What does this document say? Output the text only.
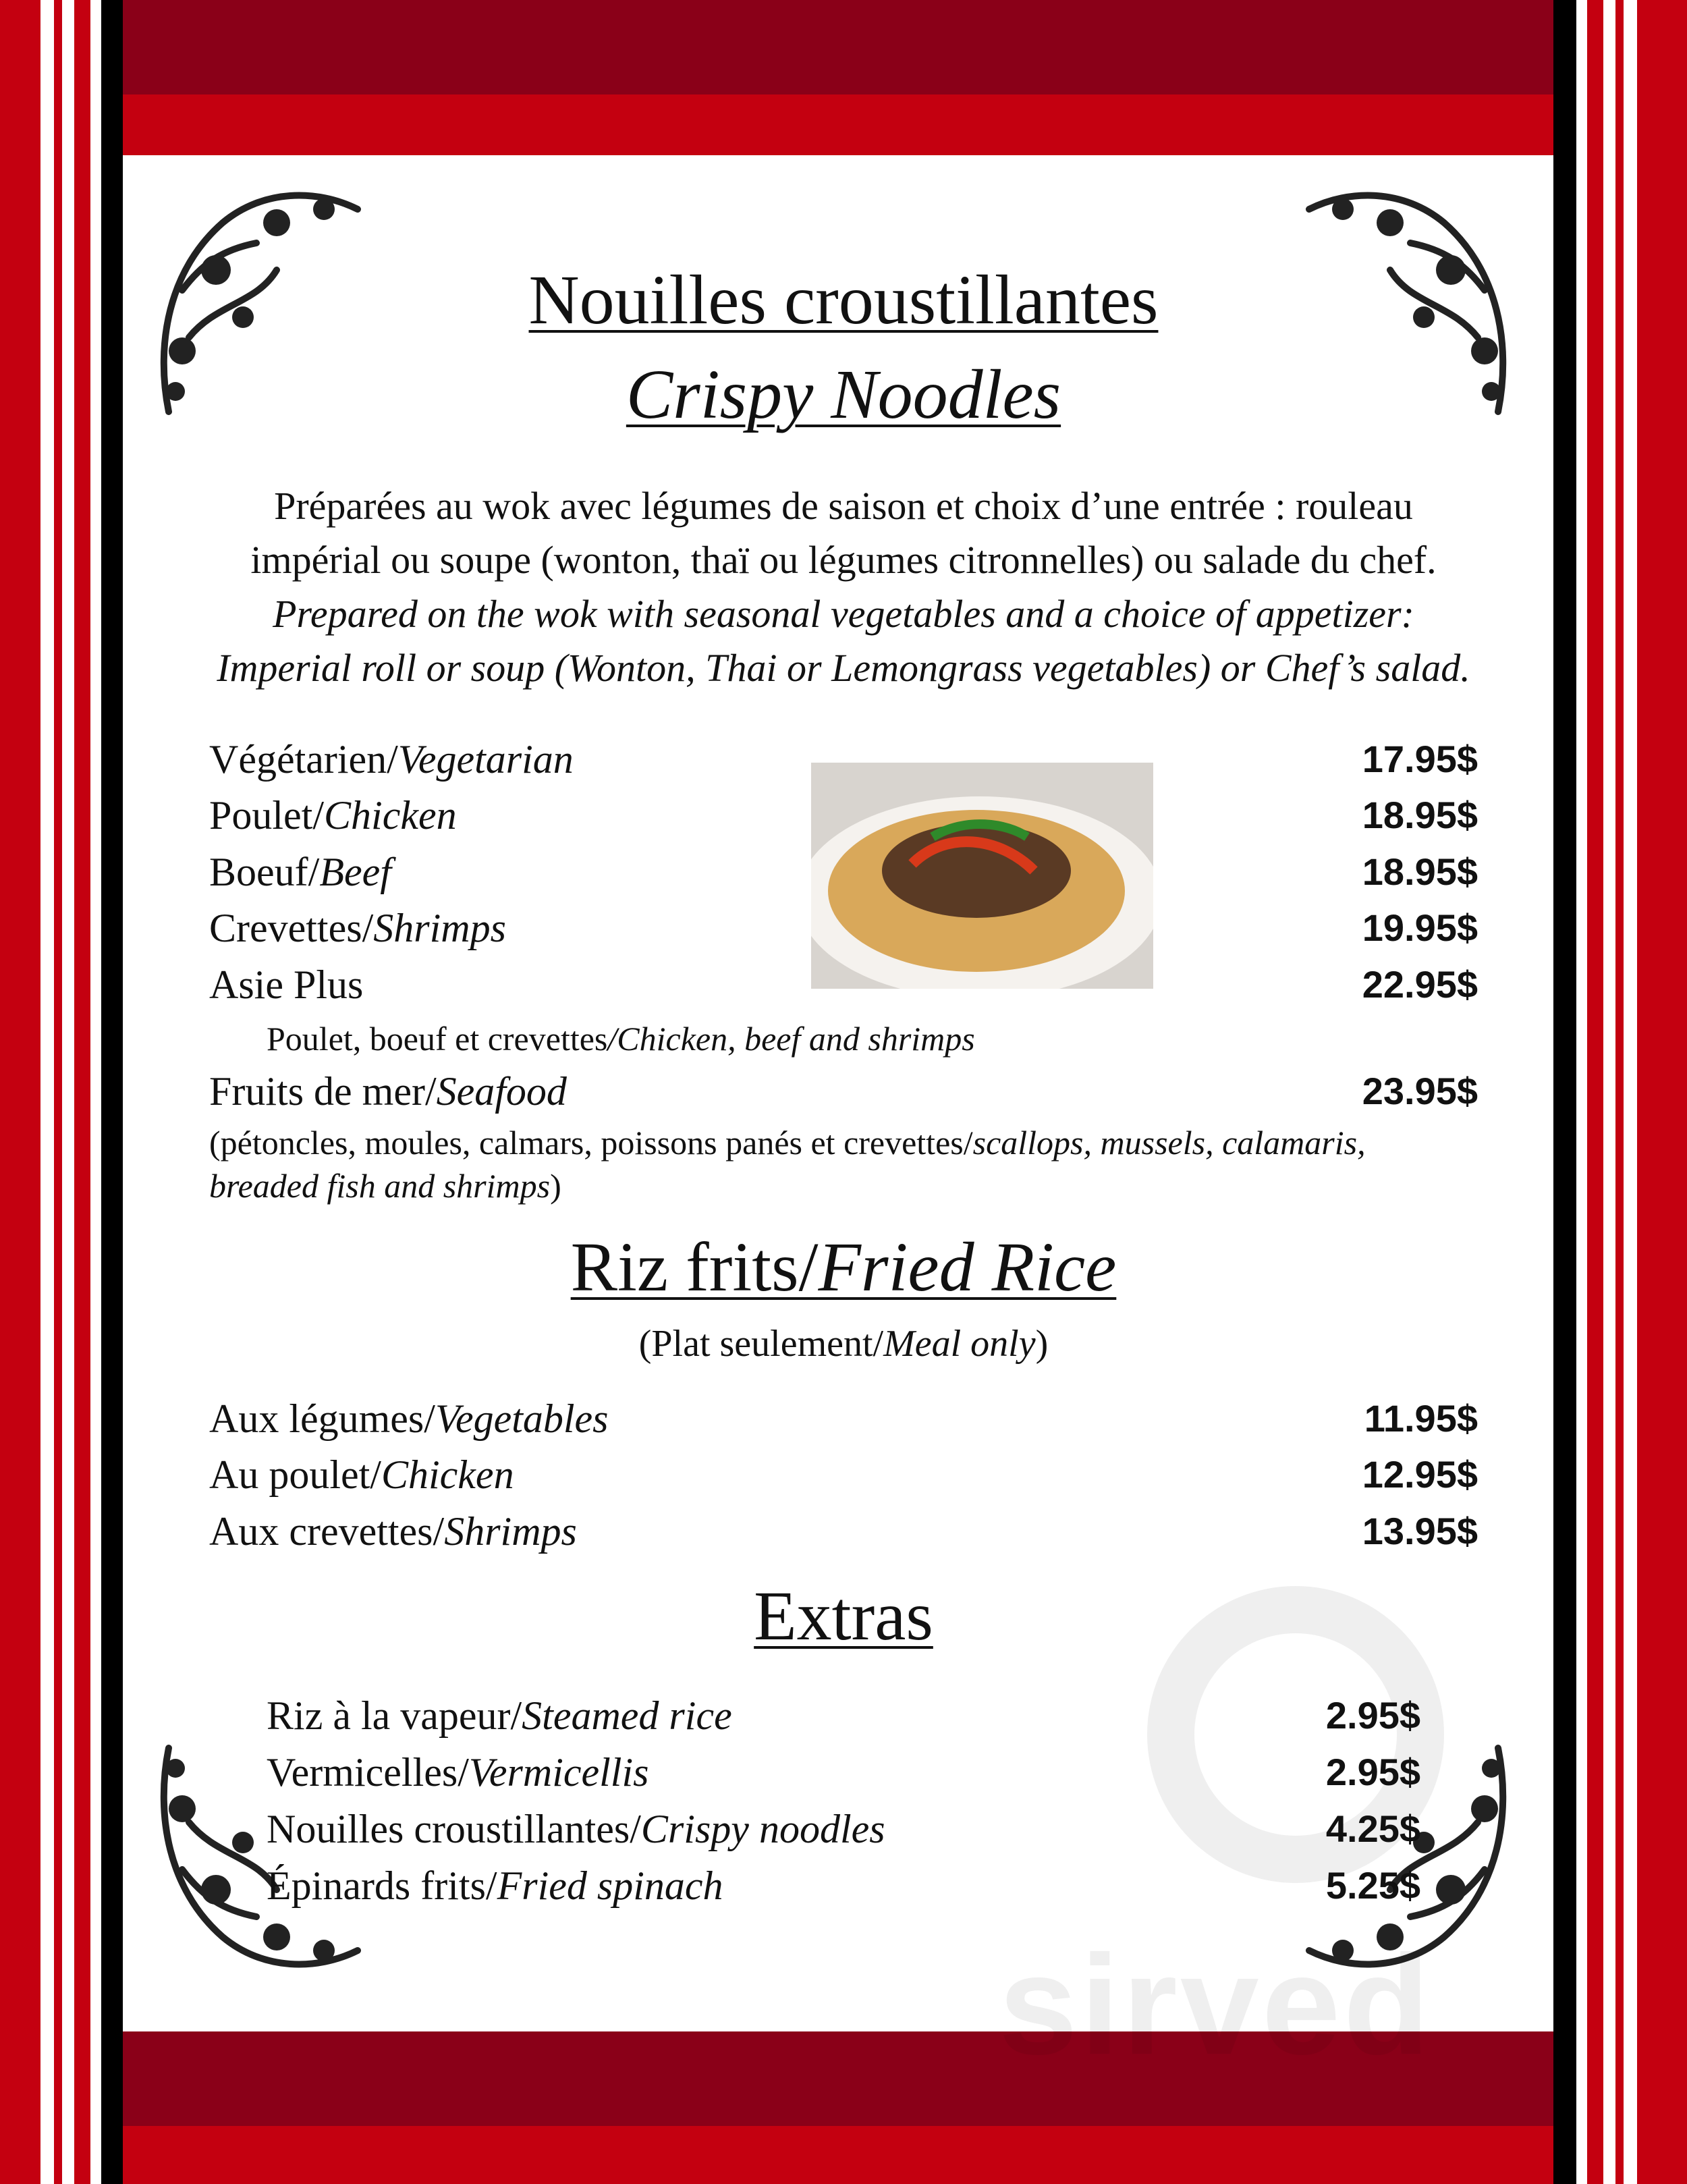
sirved
Nouilles croustillantes
Crispy Noodles
Préparées au wok avec légumes de saison et choix d’une entrée : rouleau
impérial ou soupe (wonton, thaï ou légumes citronnelles) ou salade du chef.
Prepared on the wok with seasonal vegetables and a choice of appetizer:
Imperial roll or soup (Wonton, Thai or Lemongrass vegetables) or Chef’s salad.
Végétarien/Vegetarian	17.95$
Poulet/Chicken	18.95$
Boeuf/Beef	18.95$
Crevettes/Shrimps	19.95$
Asie Plus	22.95$
Poulet, boeuf et crevettes/Chicken, beef and shrimps
Fruits de mer/Seafood	23.95$
(pétoncles, moules, calmars, poissons panés et crevettes/scallops, mussels, calamaris,
breaded fish and shrimps)
Riz frits/Fried Rice
(Plat seulement/Meal only)
Aux légumes/Vegetables	11.95$
Au poulet/Chicken	12.95$
Aux crevettes/Shrimps	13.95$
Extras
Riz à la vapeur/Steamed rice	2.95$
Vermicelles/Vermicellis	2.95$
Nouilles croustillantes/Crispy noodles	4.25$
Épinards frits/Fried spinach	5.25$
